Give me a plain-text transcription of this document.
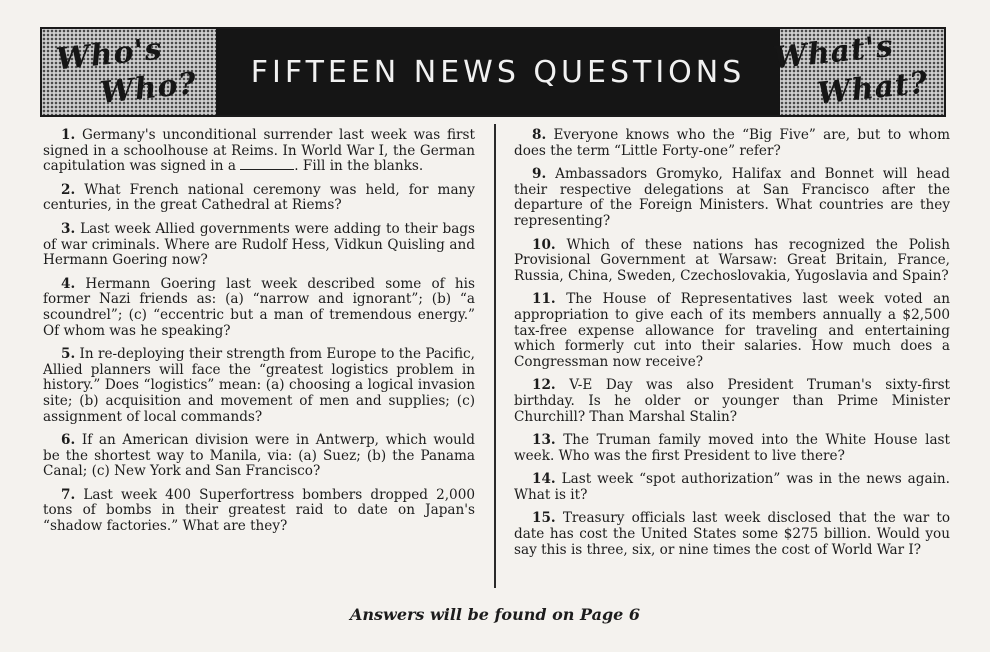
Who's
Who? FIFTEEN NEWS QUESTIONS What's
What?

1. Germany's unconditional surrender last week was first signed in a schoolhouse at Reims. In World War I, the German capitulation was signed in a	. Fill in the blanks.

2. What French national ceremony was held, for many centuries, in the great Cathedral at Riems?

3. Last week Allied governments were adding to their bags of war criminals. Where are Rudolf Hess, Vidkun Quisling and Hermann Goering now?

4. Hermann Goering last week described some of his former Nazi friends as: (a) “narrow and ignorant”; (b) “a scoundrel”; (c) “eccentric but a man of tremendous energy.” Of whom was he speaking?

5. In re-deploying their strength from Europe to the Pacific, Allied planners will face the “greatest logistics problem in history.” Does “logistics” mean: (a) choosing a logical invasion site; (b) acquisition and movement of men and supplies; (c) assignment of local commands?

6. If an American division were in Antwerp, which would be the shortest way to Manila, via: (a) Suez; (b) the Panama Canal; (c) New York and San Francisco?

7. Last week 400 Superfortress bombers dropped 2,000 tons of bombs in their greatest raid to date on Japan's “shadow factories.” What are they?

8. Everyone knows who the “Big Five” are, but to whom does the term “Little Forty-one” refer?

9. Ambassadors Gromyko, Halifax and Bonnet will head their respective delegations at San Francisco after the departure of the Foreign Ministers. What countries are they representing?

10. Which of these nations has recognized the Polish Provisional Government at Warsaw: Great Britain, France, Russia, China, Sweden, Czechoslovakia, Yugoslavia and Spain?

11. The House of Representatives last week voted an appropriation to give each of its members annually a $2,500 tax-free expense allowance for traveling and entertaining which formerly cut into their salaries. How much does a Congressman now receive?

12. V-E Day was also President Truman's sixty-first birthday. Is he older or younger than Prime Minister Churchill? Than Marshal Stalin?

13. The Truman family moved into the White House last week. Who was the first President to live there?

14. Last week “spot authorization” was in the news again. What is it?

15. Treasury officials last week disclosed that the war to date has cost the United States some $275 billion. Would you say this is three, six, or nine times the cost of World War I?

Answers will be found on Page 6
